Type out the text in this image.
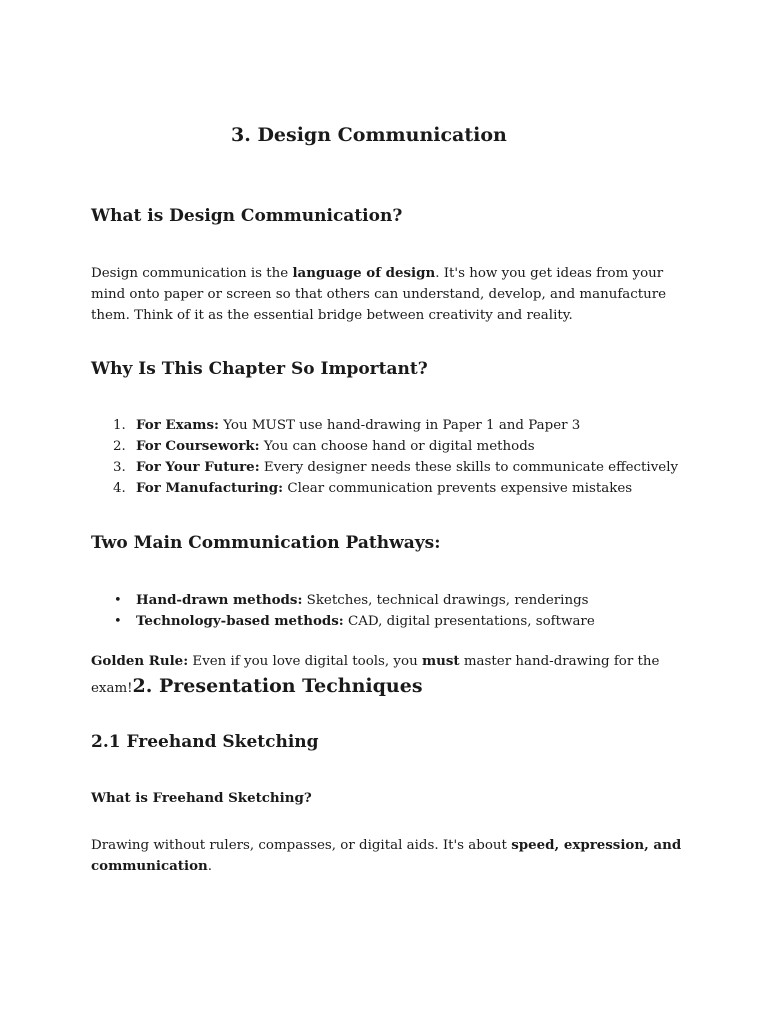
3. Design Communication
What is Design Communication?
Design communication is the language of design. It's how you get ideas from your mind onto paper or screen so that others can understand, develop, and manufacture them. Think of it as the essential bridge between creativity and reality.
Why Is This Chapter So Important?
1. For Exams: You MUST use hand-drawing in Paper 1 and Paper 3
2. For Coursework: You can choose hand or digital methods
3. For Your Future: Every designer needs these skills to communicate effectively
4. For Manufacturing: Clear communication prevents expensive mistakes
Two Main Communication Pathways:
• Hand-drawn methods: Sketches, technical drawings, renderings
• Technology-based methods: CAD, digital presentations, software
Golden Rule: Even if you love digital tools, you must master hand-drawing for the
exam!2. Presentation Techniques
2.1 Freehand Sketching
What is Freehand Sketching?
Drawing without rulers, compasses, or digital aids. It's about speed, expression, and
communication.
